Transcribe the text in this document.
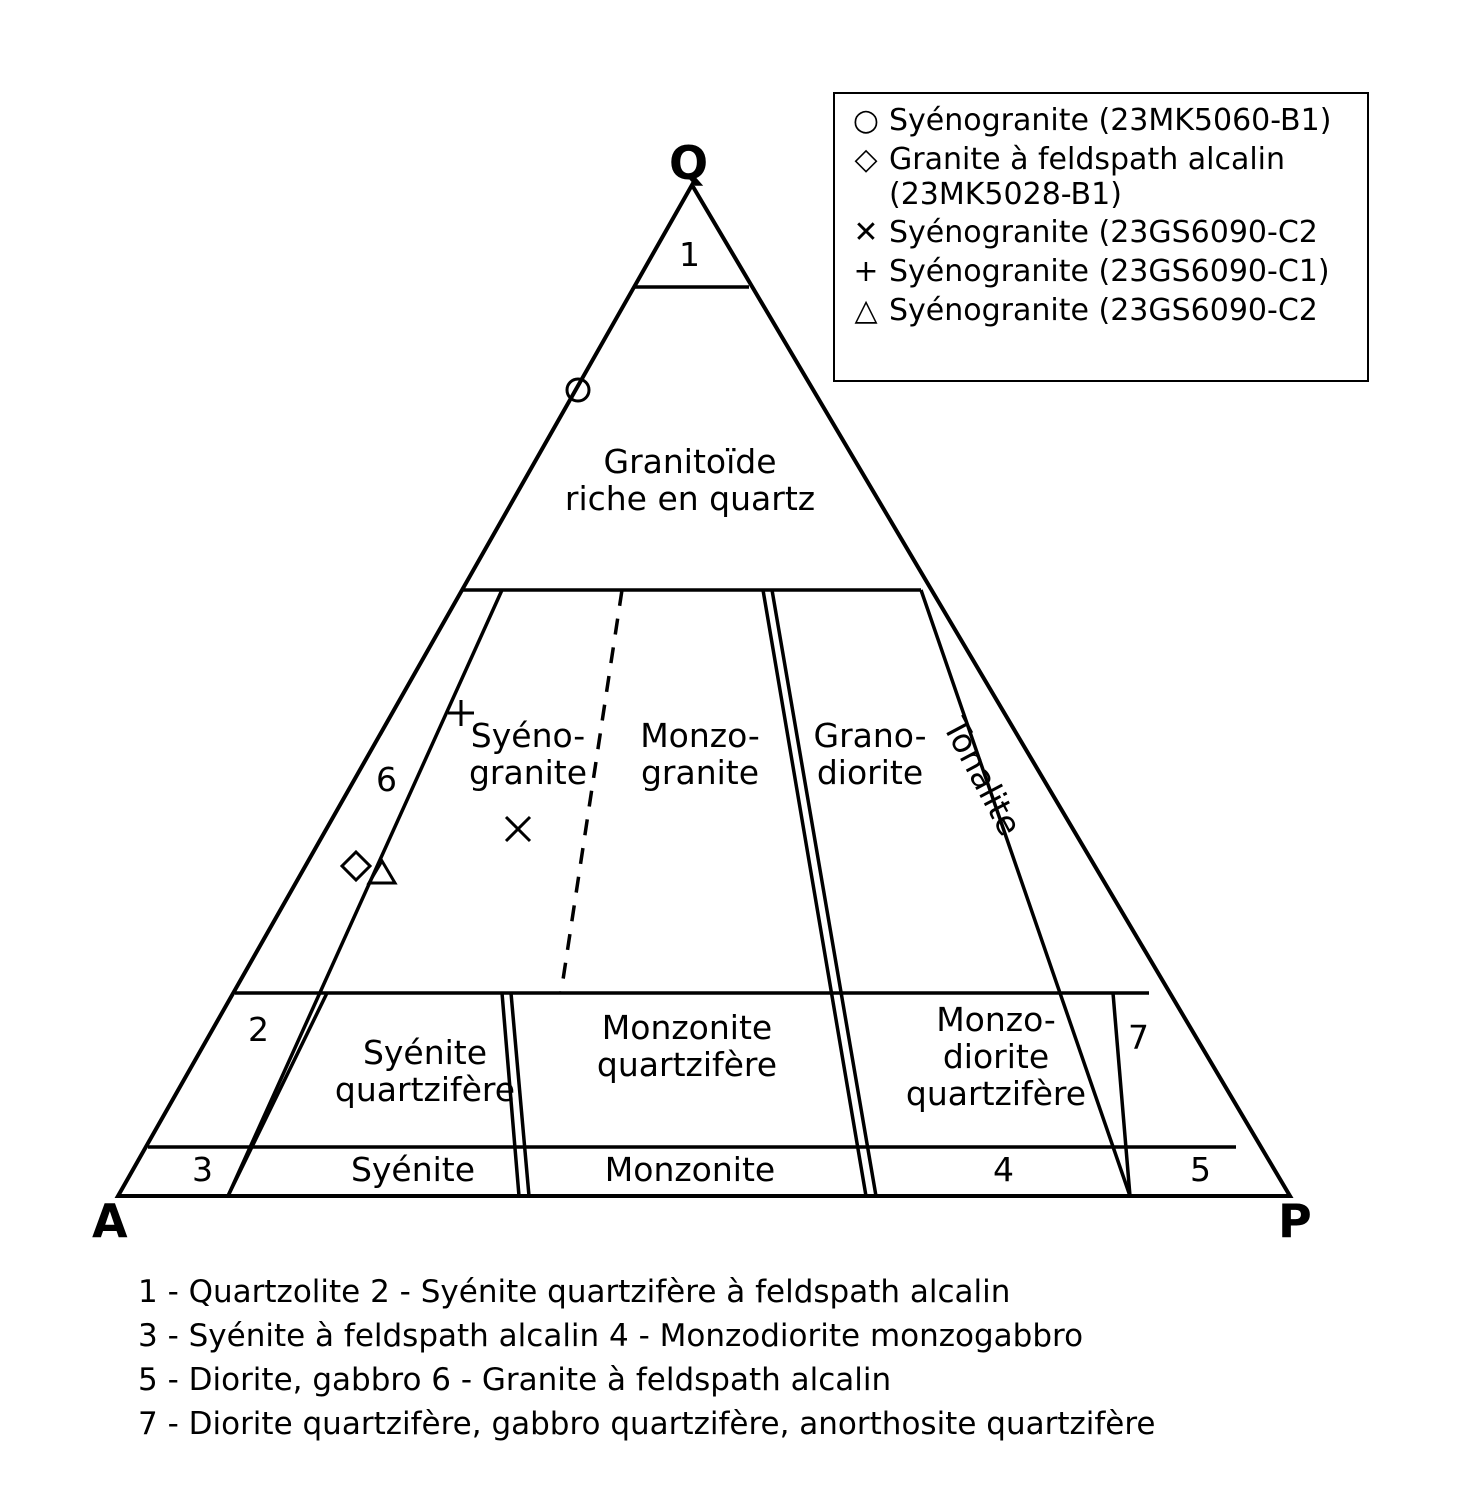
Q
A	P
1
Granitoïde
riche en quartz
6
Syéno-
granite
Monzo-
granite
Grano-
diorite Tonalite
2
Syénite
quartzifère
Monzonite
quartzifère
Monzo-
diorite
quartzifère
7
3	Syénite	Monzonite	4	5
○ Syénogranite (23MK5060-B1)
◇ Granite à feldspath alcalin
(23MK5028-B1)
✕ Syénogranite (23GS6090-C2
+ Syénogranite (23GS6090-C1)
△ Syénogranite (23GS6090-C2
1 - Quartzolite 2 - Syénite quartzifère à feldspath alcalin
3 - Syénite à feldspath alcalin 4 - Monzodiorite monzogabbro
5 - Diorite, gabbro 6 - Granite à feldspath alcalin
7 - Diorite quartzifère, gabbro quartzifère, anorthosite quartzifère
